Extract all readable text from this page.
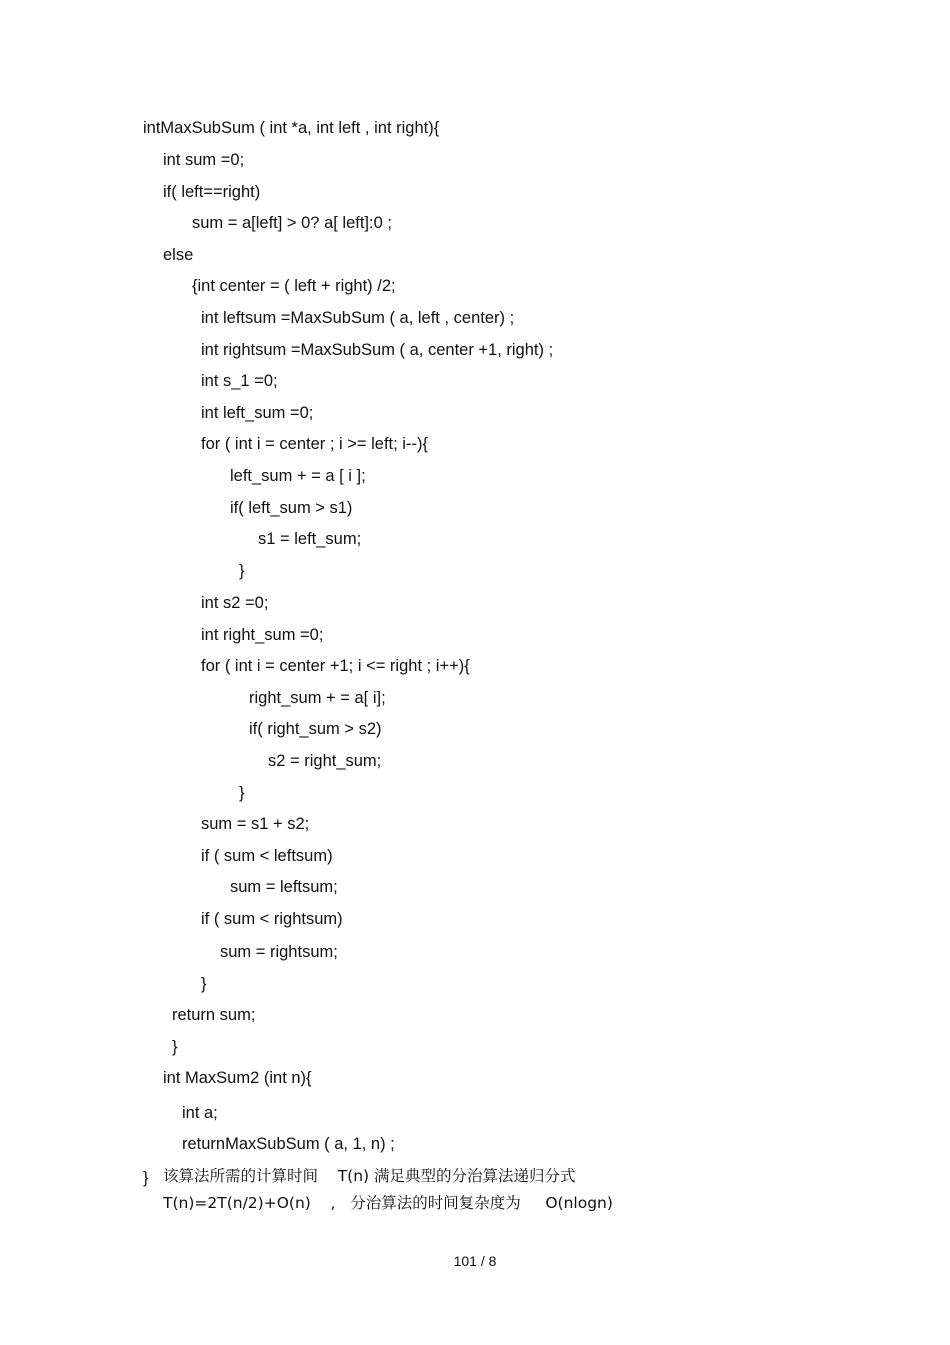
intMaxSubSum ( int *a, int left , int right){
int sum =0;
if( left==right)
sum = a[left] > 0? a[ left]:0 ;
else
{int center = ( left + right) /2;
int leftsum =MaxSubSum ( a, left , center) ;
int rightsum =MaxSubSum ( a, center +1, right) ;
int s_1 =0;
int left_sum =0;
for ( int i = center ; i >= left; i--){
left_sum + = a [ i ];
if( left_sum > s1)
s1 = left_sum;
}
int s2 =0;
int right_sum =0;
for ( int i = center +1; i <= right ; i++){
right_sum + = a[ i];
if( right_sum > s2)
s2 = right_sum;
}
sum = s1 + s2;
if ( sum < leftsum)
sum = leftsum;
if ( sum < rightsum)
sum = rightsum;
}
return sum;
}
int MaxSum2 (int n){
int a;
returnMaxSubSum ( a, 1, n) ;
} 该算法所需的计算时间    T(n) 满足典型的分治算法递归分式
T(n)=2T(n/2)+O(n)    ,   分治算法的时间复杂度为     O(nlogn)
101 / 8
